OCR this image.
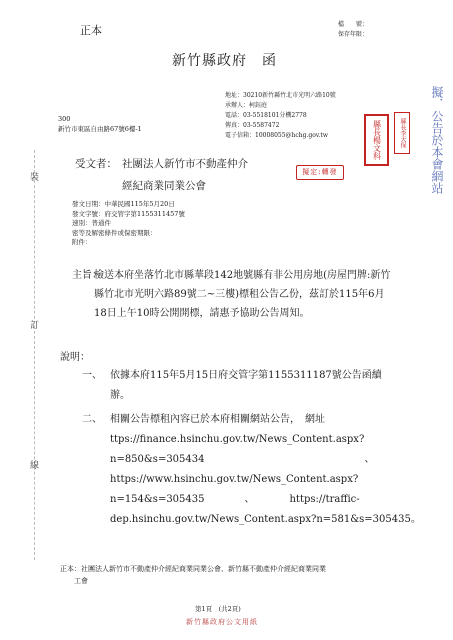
正本	檔　　號：
保存年限：
新竹縣政府　函
地址：30210新竹縣竹北市光明六路10號
承辦人：柯鈺庭
電話：03-5518101分機2778
傳真：03-5587472
電子信箱：10008055@hchg.gov.tw	縣長楊文科	縣長李天保	擬．公告於本會網站
300
新竹市東區自由路67號6樓-1
受文者： 社團法人新竹市不動產仲介
經紀商業同業公會
擬定:轉發
發文日期：中華民國115年5月20日
發文字號：府交管字第1155311457號
速別：普通件
密等及解密條件或保密期限：
附件：
裝
訂
線
主旨：
檢送本府坐落竹北市縣華段142地號縣有非公用房地(房屋門牌:新竹縣竹北市光明六路89號二~三樓)標租公告乙份，茲訂於115年6月18日上午10時公開開標，請惠予協助公告周知。
說明：
一、 依據本府115年5月15日府交管字第1155311187號公告函續
辦。
二、 相關公告標租內容已於本府相關網站公告，　網址
ttps://finance.hsinchu.gov.tw/News_Content.aspx?
n=850&s=305434　　　　　　　　　　　　　　　　、
https://www.hsinchu.gov.tw/News_Content.aspx?
n=154&s=305435　　　　、　　　　https://traffic-
dep.hsinchu.gov.tw/News_Content.aspx?n=581&s=305435。
正本：社團法人新竹市不動產仲介經紀商業同業公會、新竹縣不動產仲介經紀商業同業
工會
第1頁　(共2頁)
新竹縣政府公文用紙
